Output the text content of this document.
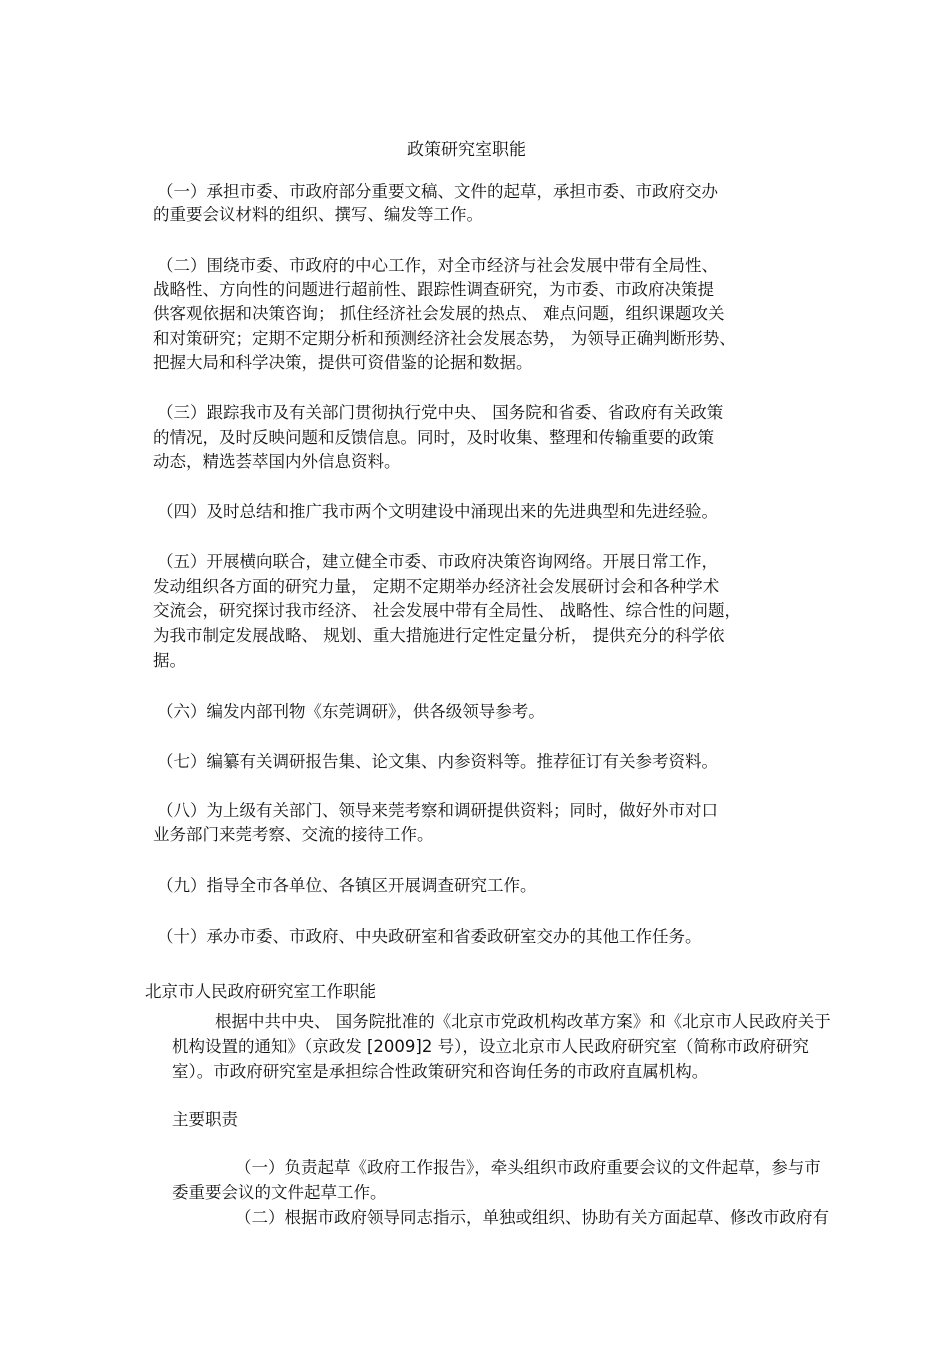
政策研究室职能

（一）承担市委、市政府部分重要文稿、文件的起草，承担市委、市政府交办

的重要会议材料的组织、撰写、编发等工作。

（二）围绕市委、市政府的中心工作，对全市经济与社会发展中带有全局性、

战略性、方向性的问题进行超前性、跟踪性调查研究，为市委、市政府决策提

供客观依据和决策咨询； 抓住经济社会发展的热点、 难点问题，组织课题攻关

和对策研究；定期不定期分析和预测经济社会发展态势， 为领导正确判断形势、

把握大局和科学决策，提供可资借鉴的论据和数据。

（三）跟踪我市及有关部门贯彻执行党中央、 国务院和省委、省政府有关政策

的情况，及时反映问题和反馈信息。同时，及时收集、整理和传输重要的政策

动态，精选荟萃国内外信息资料。

（四）及时总结和推广我市两个文明建设中涌现出来的先进典型和先进经验。

（五）开展横向联合，建立健全市委、市政府决策咨询网络。开展日常工作，

发动组织各方面的研究力量， 定期不定期举办经济社会发展研讨会和各种学术

交流会，研究探讨我市经济、 社会发展中带有全局性、 战略性、综合性的问题，

为我市制定发展战略、 规划、重大措施进行定性定量分析， 提供充分的科学依

据。

（六）编发内部刊物《东莞调研》，供各级领导参考。

（七）编纂有关调研报告集、论文集、内参资料等。推荐征订有关参考资料。

（八）为上级有关部门、领导来莞考察和调研提供资料；同时，做好外市对口

业务部门来莞考察、交流的接待工作。

（九）指导全市各单位、各镇区开展调查研究工作。

（十）承办市委、市政府、中央政研室和省委政研室交办的其他工作任务。

北京市人民政府研究室工作职能

根据中共中央、 国务院批准的《北京市党政机构改革方案》和《北京市人民政府关于

机构设置的通知》（京政发 [2009]2 号），设立北京市人民政府研究室（简称市政府研究

室）。市政府研究室是承担综合性政策研究和咨询任务的市政府直属机构。

主要职责

（一）负责起草《政府工作报告》，牵头组织市政府重要会议的文件起草，参与市

委重要会议的文件起草工作。

（二）根据市政府领导同志指示，单独或组织、协助有关方面起草、修改市政府有
